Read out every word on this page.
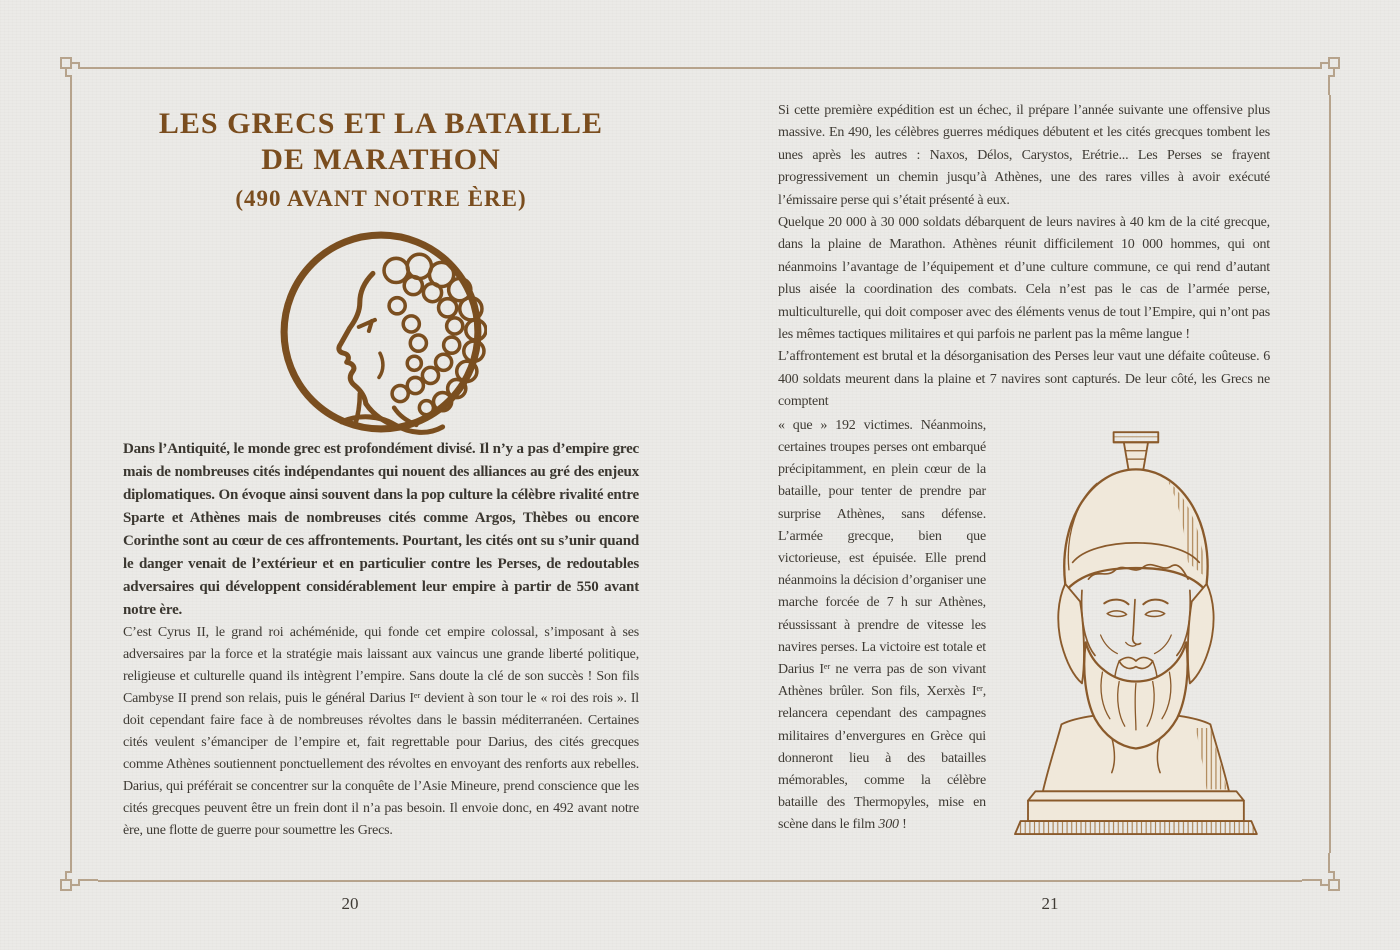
LES GRECS ET LA BATAILLE
DE MARATHON
(490 AVANT NOTRE ÈRE)

Dans l’Antiquité, le monde grec est profondément divisé. Il n’y a pas d’empire grec mais de nombreuses cités indépendantes qui nouent des alliances au gré des enjeux diplomatiques. On évoque ainsi souvent dans la pop culture la célèbre rivalité entre Sparte et Athènes mais de nombreuses cités comme Argos, Thèbes ou encore Corinthe sont au cœur de ces affrontements. Pourtant, les cités ont su s’unir quand le danger venait de l’extérieur et en particulier contre les Perses, de redoutables adversaires qui développent considérablement leur empire à partir de 550 avant notre ère.

C’est Cyrus II, le grand roi achéménide, qui fonde cet empire colossal, s’imposant à ses adversaires par la force et la stratégie mais laissant aux vaincus une grande liberté politique, religieuse et culturelle quand ils intègrent l’empire. Sans doute la clé de son succès ! Son fils Cambyse II prend son relais, puis le général Darius Iᵉʳ devient à son tour le « roi des rois ». Il doit cependant faire face à de nombreuses révoltes dans le bassin méditerranéen. Certaines cités veulent s’émanciper de l’empire et, fait regrettable pour Darius, des cités grecques comme Athènes soutiennent ponctuellement des révoltes en envoyant des renforts aux rebelles. Darius, qui préférait se concentrer sur la conquête de l’Asie Mineure, prend conscience que les cités grecques peuvent être un frein dont il n’a pas besoin. Il envoie donc, en 492 avant notre ère, une flotte de guerre pour soumettre les Grecs.

Si cette première expédition est un échec, il prépare l’année suivante une offensive plus massive. En 490, les célèbres guerres médiques débutent et les cités grecques tombent les unes après les autres : Naxos, Délos, Carystos, Erétrie... Les Perses se frayent progressivement un chemin jusqu’à Athènes, une des rares villes à avoir exécuté l’émissaire perse qui s’était présenté à eux.

Quelque 20 000 à 30 000 soldats débarquent de leurs navires à 40 km de la cité grecque, dans la plaine de Marathon. Athènes réunit difficilement 10 000 hommes, qui ont néanmoins l’avantage de l’équipement et d’une culture commune, ce qui rend d’autant plus aisée la coordination des combats. Cela n’est pas le cas de l’armée perse, multiculturelle, qui doit composer avec des éléments venus de tout l’Empire, qui n’ont pas les mêmes tactiques militaires et qui parfois ne parlent pas la même langue !

L’affrontement est brutal et la désorganisation des Perses leur vaut une défaite coûteuse. 6 400 soldats meurent dans la plaine et 7 navires sont capturés. De leur côté, les Grecs ne comptent

« que » 192 victimes. Néanmoins, certaines troupes perses ont embarqué précipitamment, en plein cœur de la bataille, pour tenter de prendre par surprise Athènes, sans défense. L’armée grecque, bien que victorieuse, est épuisée. Elle prend néanmoins la décision d’organiser une marche forcée de 7 h sur Athènes, réussissant à prendre de vitesse les navires perses. La victoire est totale et Darius Iᵉʳ ne verra pas de son vivant Athènes brûler. Son fils, Xerxès Iᵉʳ, relancera cependant des campagnes militaires d’envergures en Grèce qui donneront lieu à des batailles mémorables, comme la célèbre bataille des Thermopyles, mise en scène dans le film 300 !

20	21
